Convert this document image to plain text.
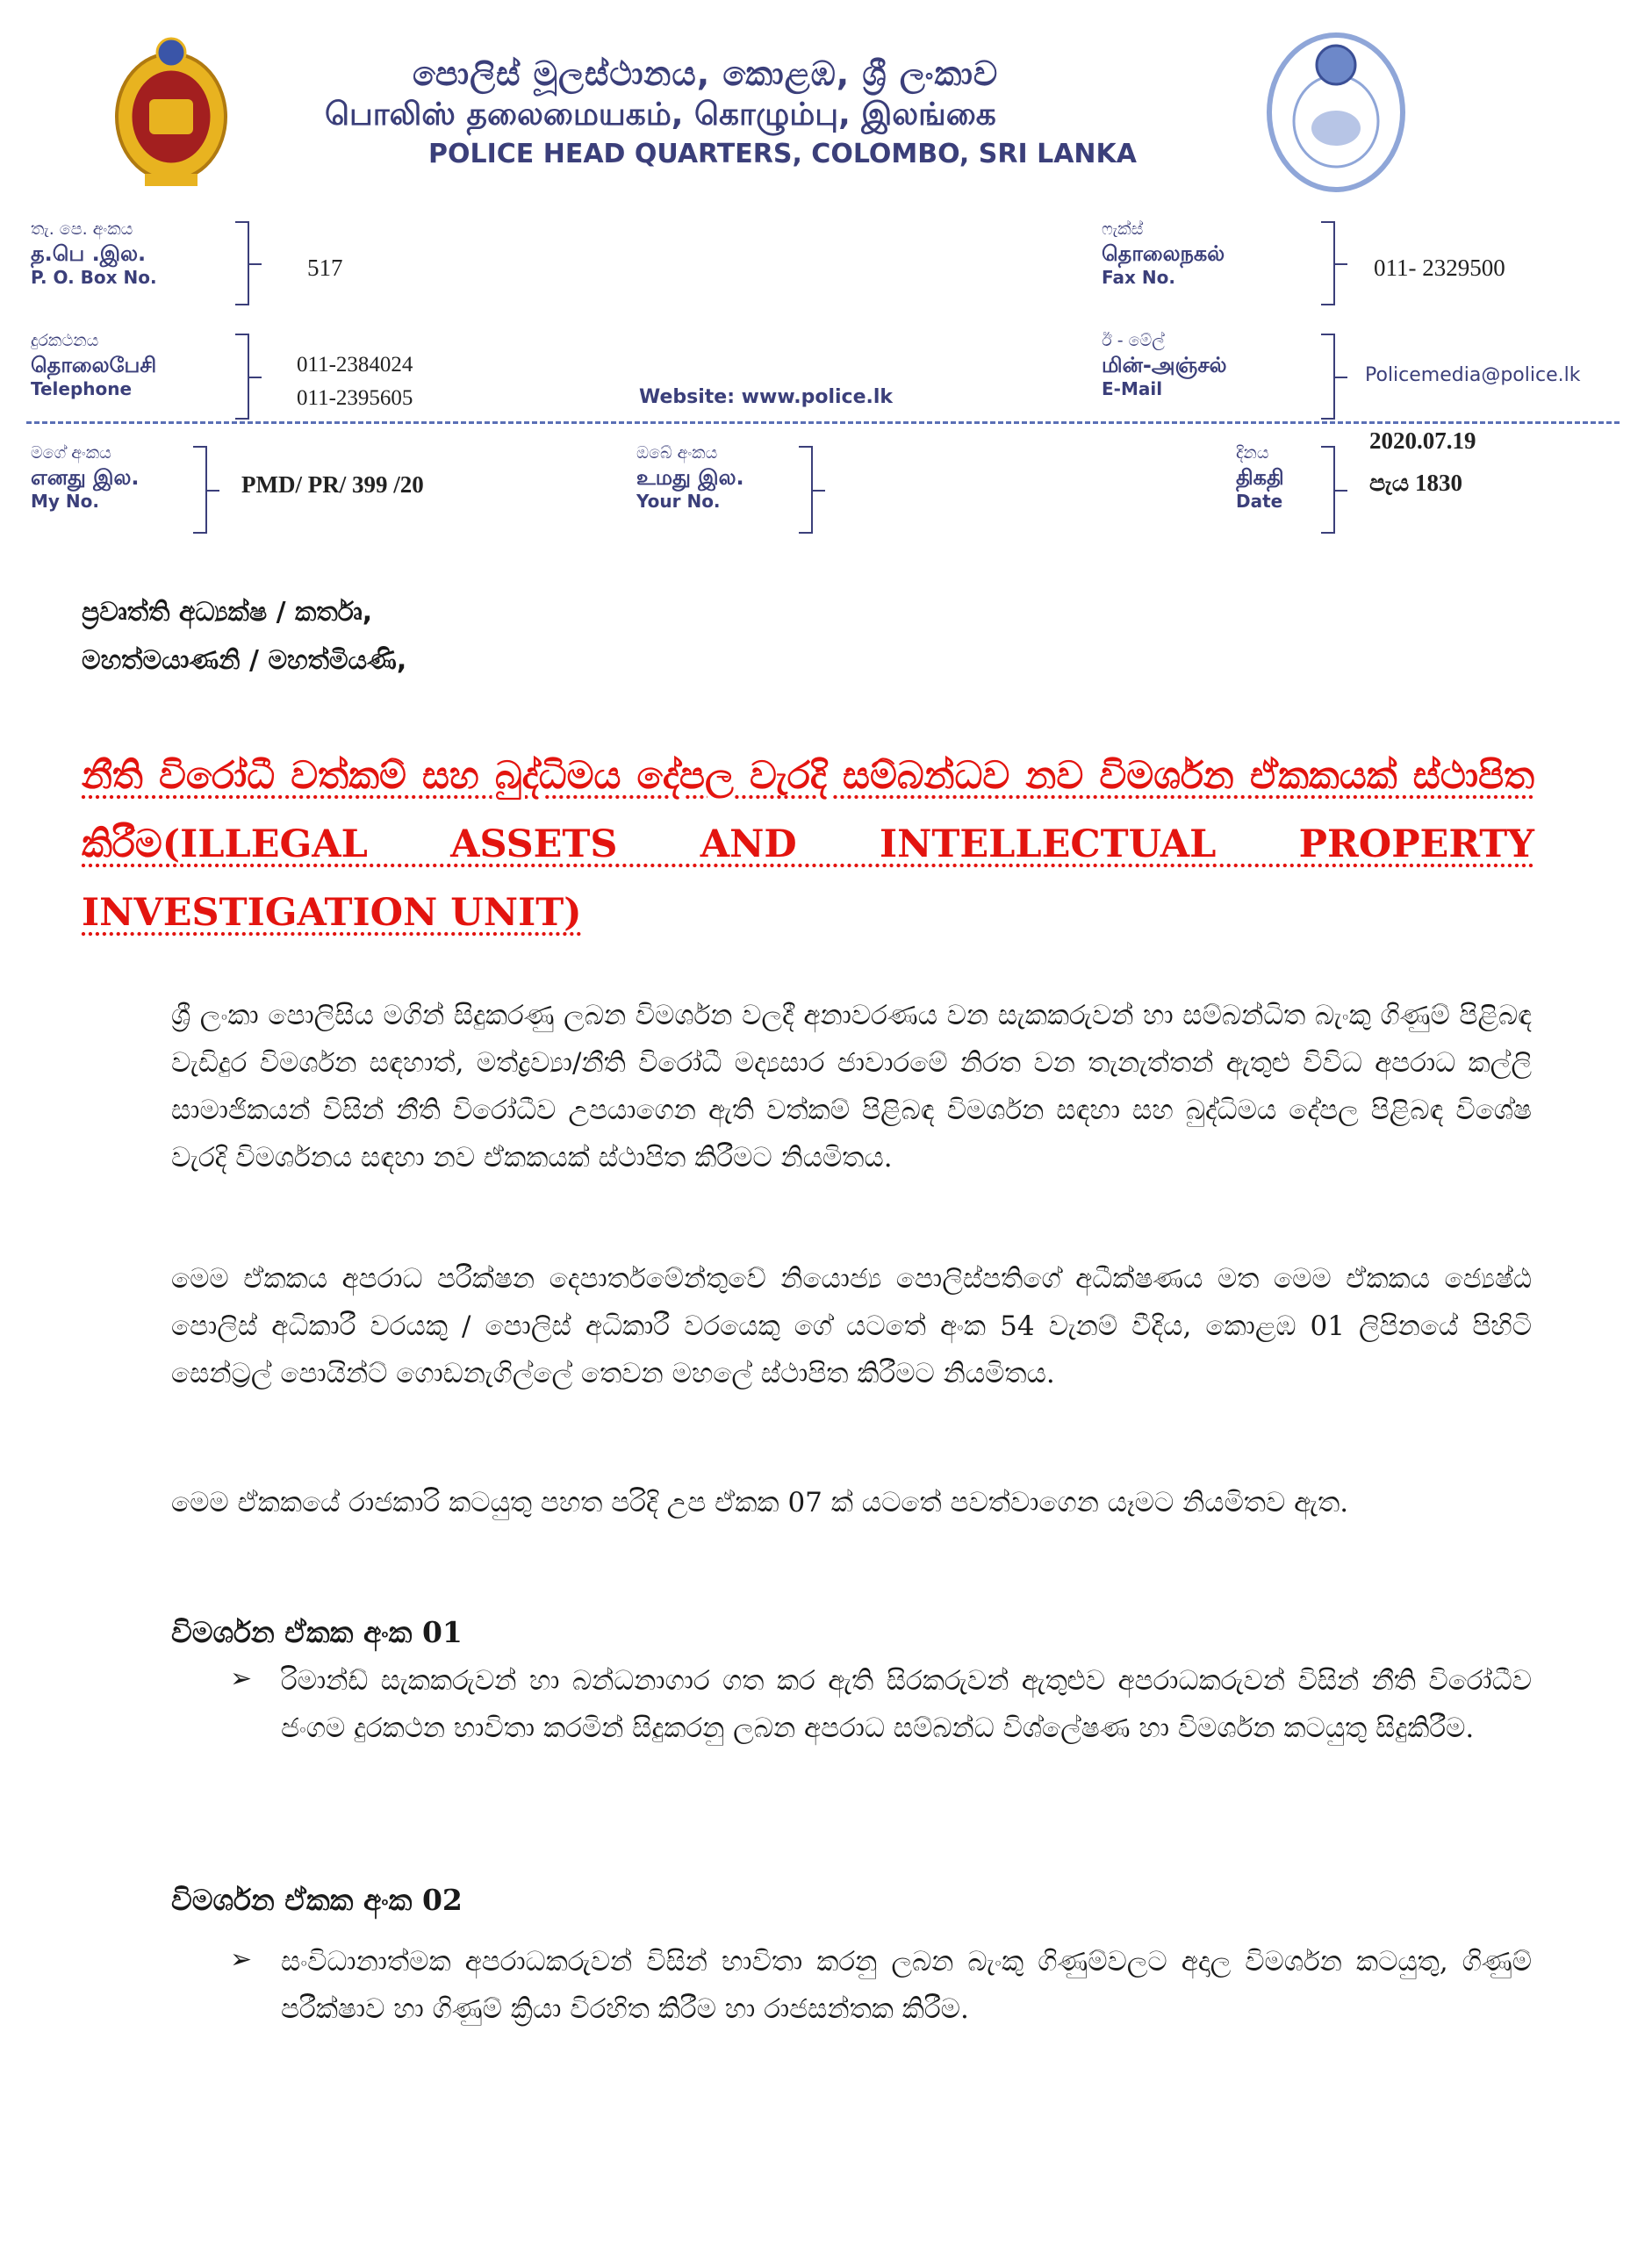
පොලිස් මූලස්ථානය, කොළඹ, ශ්‍රී ලංකාව
பொலிஸ் தலைமையகம், கொழும்பு, இலங்கை
POLICE HEAD QUARTERS, COLOMBO, SRI LANKA
තැ. පෙ. අංකය
த.பெ .இல.
P. O. Box No.	517
ෆැක්ස්
தொலைநகல்
Fax No.	011- 2329500
දුරකථනය
தொலைபேசி
Telephone
011-2384024
011-2395605	Website: www.police.lk
ඊ - මේල්
மின்-அஞ்சல்
E-Mail
Policemedia@police.lk
මගේ අංකය
எனது இல.
My No.
PMD/ PR/ 399 /20
ඔබේ අංකය
உமது இல.
Your No.
දිනය
திகதி
Date
2020.07.19
පැය 1830
ප්‍රවෘත්ති අධ්‍යක්ෂ / කර්තෘ,
මහත්මයාණනි / මහත්මියණි,
නීති විරෝධී වත්කම් සහ බුද්ධිමය දේපල වැරදි සම්බන්ධව නව විමර්ශන ඒකකයක් ස්ථාපිත කිරීම(ILLEGAL ASSETS AND INTELLECTUAL PROPERTY INVESTIGATION UNIT)
ශ්‍රී ලංකා පොලිසිය මගින් සිදුකරණු ලබන විමර්ශන වලදී අනාවරණය වන සැකකරුවන් හා සම්බන්ධිත බැංකු ගිණුම් පිළිබඳ වැඩිදුර විමර්ශන සඳහාත්, මත්ද්‍රව්‍යා/නීති විරෝධී මද්‍යසාර ජාවාරමේ නිරත වන තැනැත්තන් ඇතුළු විවිධ අපරාධ කල්ලි සාමාජිකයන් විසින් නීති විරෝධීව උපයාගෙන ඇති වත්කම් පිළිබඳ විමර්ශන සඳහා සහ බුද්ධිමය දේපල පිළිබඳ විශේෂ වැරදි විමර්ශනය සඳහා නව ඒකකයක් ස්ථාපිත කිරීමට නියමිතය.
මෙම ඒකකය අපරාධ පරීක්ෂන දෙපාර්තමේන්තුවේ නියොජ්‍ය පොලිස්පතිගේ අධීක්ෂණය මත මෙම ඒකකය ජ්‍යෙෂ්ඨ පොලිස් අධිකාරී වරයකු / පොලිස් අධිකාරී වරයෙකු ගේ යටතේ අංක 54 වැනම් වීදිය, කොළඹ 01 ලිපිනයේ පිහිටි සෙන්ට්‍රල් පොයින්ට් ගොඩනැගිල්ලේ තෙවන මහලේ ස්ථාපිත කිරීමට නියමිතය.
මෙම ඒකකයේ රාජකාරි කටයුතු පහත පරිදි උප ඒකක 07 ක් යටතේ පවත්වාගෙන යෑමට නියමිතව ඇත.
විමර්ශන ඒකක අංක 01
➢ රිමාන්ඩ් සැකකරුවන් හා බන්ධනාගාර ගත කර ඇති සිරකරුවන් ඇතුළුව අපරාධකරුවන් විසින් නීති විරෝධීව ජංගම දුරකථන භාවිතා කරමින් සිදුකරනු ලබන අපරාධ සම්බන්ධ විශ්ලේෂණ හා විමර්ශන කටයුතු සිදුකිරීම.
විමර්ශන ඒකක අංක 02
➢ සංවිධානාත්මක අපරාධකරුවන් විසින් භාවිතා කරනු ලබන බැංකු ගිණුම්වලට අදාල විමර්ශන කටයුතු, ගිණුම් පරීක්ෂාව හා ගිණුම් ක්‍රියා විරහිත කිරීම හා රාජසන්තක කිරීම.
